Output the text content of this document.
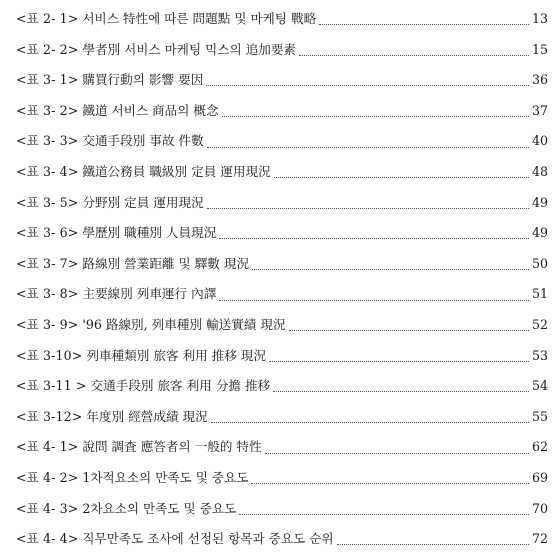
<표 2- 1> 서비스 特性에 따른 問題點 및 마케팅 戰略	13
<표 2- 2> 學者別 서비스 마케팅 믹스의 追加要素	15
<표 3- 1> 購買行動의 影響 要因	36
<표 3- 2> 鐵道 서비스 商品의 概念	37
<표 3- 3> 交通手段別 事故 件數	40
<표 3- 4> 鐵道公務員 職級別 定員 運用現況	48
<표 3- 5> 分野別 定員 運用現況	49
<표 3- 6> 學歷別 職種別 人員現況	49
<표 3- 7> 路線別 營業距離 및 驛數 現況	50
<표 3- 8> 主要線別 列車運行 內譯	51
<표 3- 9> '96 路線別, 列車種別 輸送實績 現況	52
<표 3-10> 列車種類別 旅客 利用 推移 現況	53
<표 3-11 > 交通手段別 旅客 利用 分擔 推移	54
<표 3-12> 年度別 經營成績 現況	55
<표 4- 1> 說問 調査 應答者의 一般的 特性	62
<표 4- 2> 1차적요소의 만족도 및 중요도	69
<표 4- 3> 2차요소의 만족도 및 중요도	70
<표 4- 4> 직무만족도 조사에 선정된 항목과 중요도 순위	72
